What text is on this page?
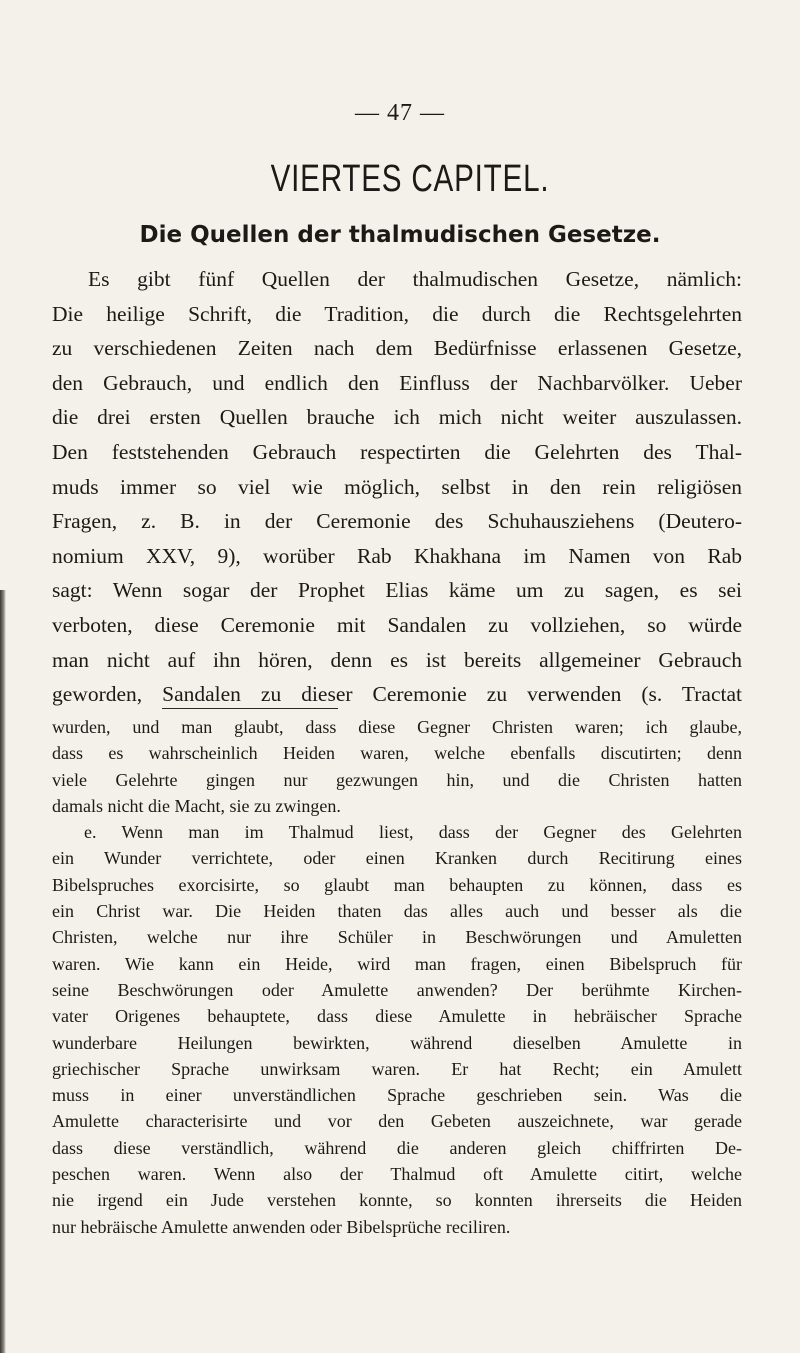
— 47 —
VIERTES CAPITEL.
Die Quellen der thalmudischen Gesetze.
Es gibt fünf Quellen der thalmudischen Gesetze, nämlich:
Die heilige Schrift, die Tradition, die durch die Rechtsgelehrten
zu verschiedenen Zeiten nach dem Bedürfnisse erlassenen Gesetze,
den Gebrauch, und endlich den Einfluss der Nachbarvölker. Ueber
die drei ersten Quellen brauche ich mich nicht weiter auszulassen.
Den feststehenden Gebrauch respectirten die Gelehrten des Thal-
muds immer so viel wie möglich, selbst in den rein religiösen
Fragen, z. B. in der Ceremonie des Schuhausziehens (Deutero-
nomium XXV, 9), worüber Rab Khakhana im Namen von Rab
sagt: Wenn sogar der Prophet Elias käme um zu sagen, es sei
verboten, diese Ceremonie mit Sandalen zu vollziehen, so würde
man nicht auf ihn hören, denn es ist bereits allgemeiner Gebrauch
geworden, Sandalen zu dieser Ceremonie zu verwenden (s. Tractat
wurden, und man glaubt, dass diese Gegner Christen waren; ich glaube,
dass es wahrscheinlich Heiden waren, welche ebenfalls discutirten; denn
viele Gelehrte gingen nur gezwungen hin, und die Christen hatten
damals nicht die Macht, sie zu zwingen.
e. Wenn man im Thalmud liest, dass der Gegner des Gelehrten
ein Wunder verrichtete, oder einen Kranken durch Recitirung eines
Bibelspruches exorcisirte, so glaubt man behaupten zu können, dass es
ein Christ war. Die Heiden thaten das alles auch und besser als die
Christen, welche nur ihre Schüler in Beschwörungen und Amuletten
waren. Wie kann ein Heide, wird man fragen, einen Bibelspruch für
seine Beschwörungen oder Amulette anwenden? Der berühmte Kirchen-
vater Origenes behauptete, dass diese Amulette in hebräischer Sprache
wunderbare Heilungen bewirkten, während dieselben Amulette in
griechischer Sprache unwirksam waren. Er hat Recht; ein Amulett
muss in einer unverständlichen Sprache geschrieben sein. Was die
Amulette characterisirte und vor den Gebeten auszeichnete, war gerade
dass diese verständlich, während die anderen gleich chiffrirten De-
peschen waren. Wenn also der Thalmud oft Amulette citirt, welche
nie irgend ein Jude verstehen konnte, so konnten ihrerseits die Heiden
nur hebräische Amulette anwenden oder Bibelsprüche reciliren.
